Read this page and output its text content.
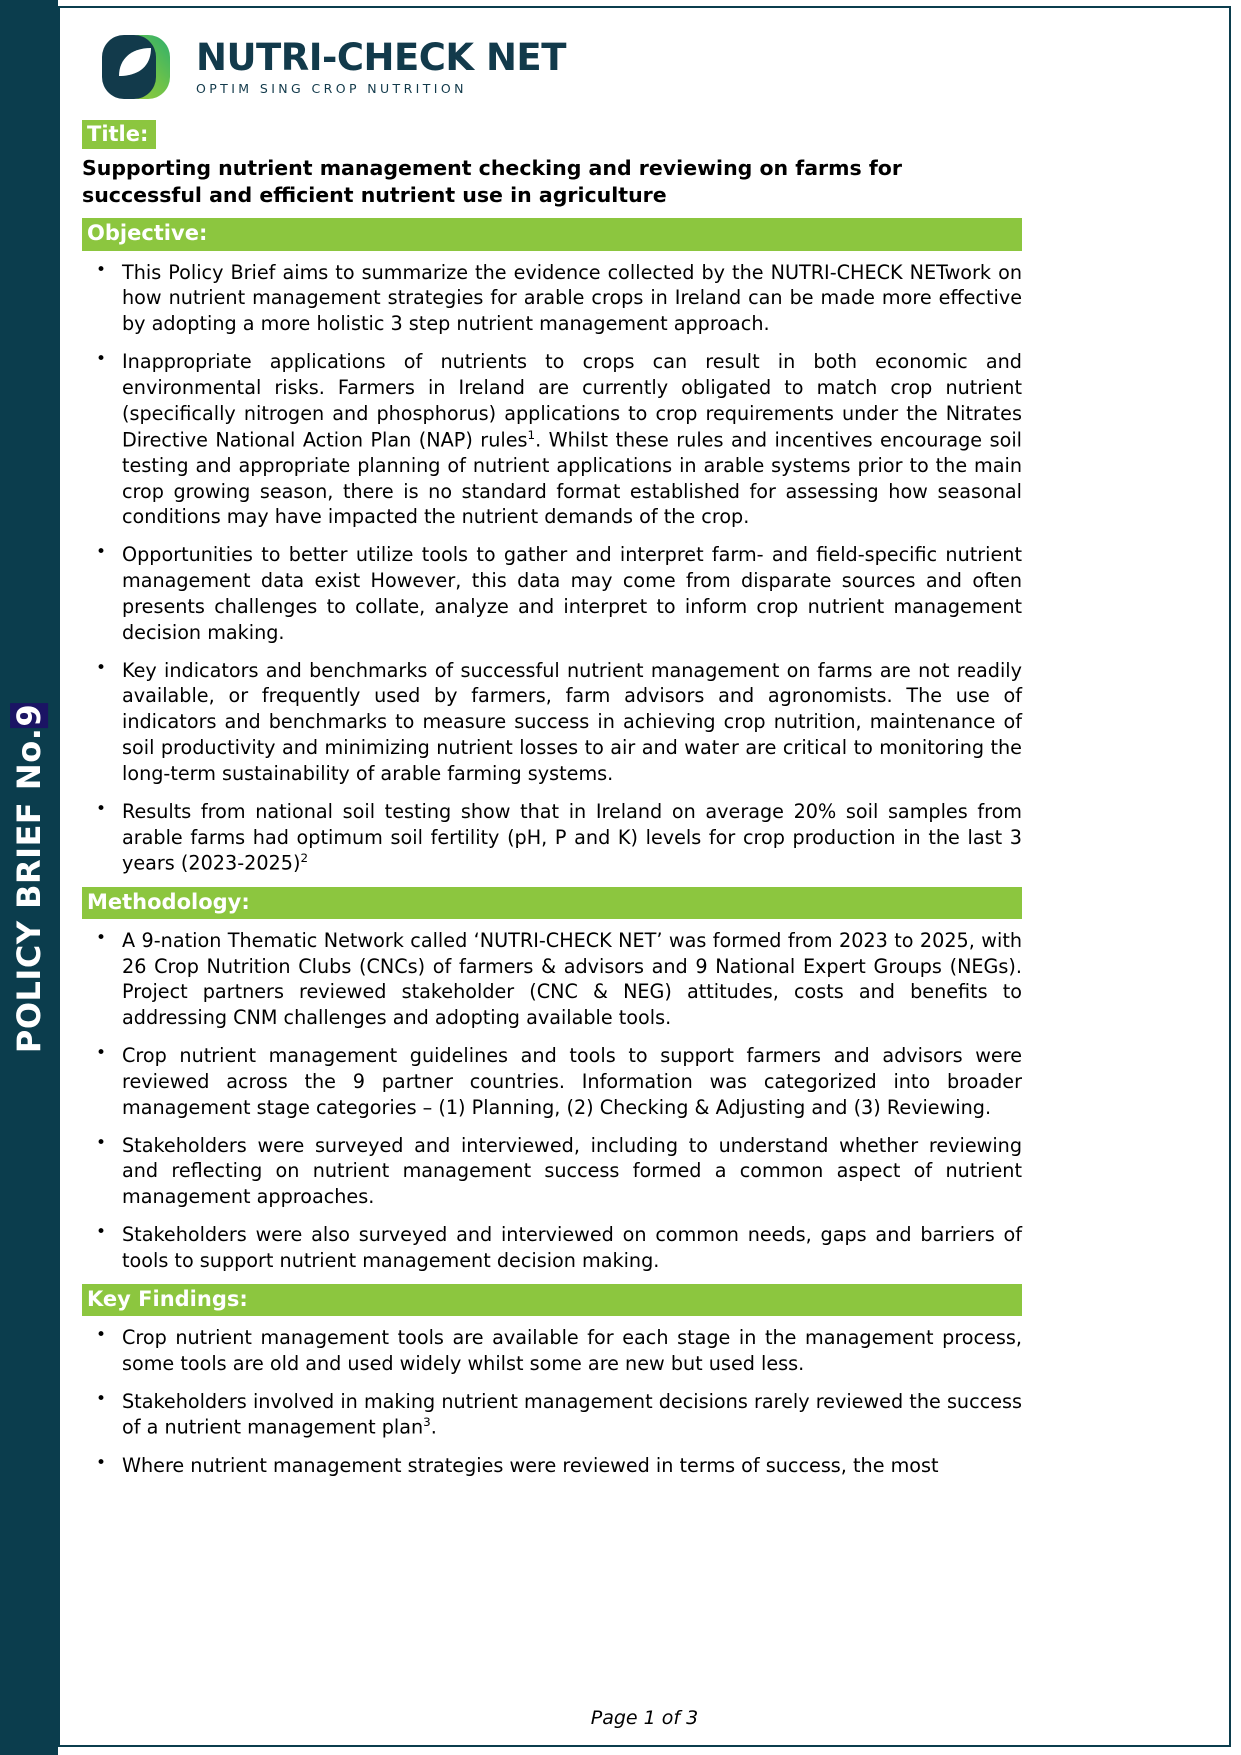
POLICY BRIEF No.9
NUTRI-CHECK NET
OPTIM SING CROP NUTRITION
Title:
Supporting nutrient management checking and reviewing on farms for successful and efficient nutrient use in agriculture
Objective:
• This Policy Brief aims to summarize the evidence collected by the NUTRI-CHECK NETwork on how nutrient management strategies for arable crops in Ireland can be made more effective by adopting a more holistic 3 step nutrient management approach.
• Inappropriate applications of nutrients to crops can result in both economic and environmental risks. Farmers in Ireland are currently obligated to match crop nutrient (specifically nitrogen and phosphorus) applications to crop requirements under the Nitrates Directive National Action Plan (NAP) rules$^1$. Whilst these rules and incentives encourage soil testing and appropriate planning of nutrient applications in arable systems prior to the main crop growing season, there is no standard format established for assessing how seasonal conditions may have impacted the nutrient demands of the crop.
• Opportunities to better utilize tools to gather and interpret farm- and field-specific nutrient management data exist However, this data may come from disparate sources and often presents challenges to collate, analyze and interpret to inform crop nutrient management decision making.
• Key indicators and benchmarks of successful nutrient management on farms are not readily available, or frequently used by farmers, farm advisors and agronomists. The use of indicators and benchmarks to measure success in achieving crop nutrition, maintenance of soil productivity and minimizing nutrient losses to air and water are critical to monitoring the long-term sustainability of arable farming systems.
• Results from national soil testing show that in Ireland on average 20% soil samples from arable farms had optimum soil fertility (pH, P and K) levels for crop production in the last 3 years (2023-2025)$^2$
Methodology:
• A 9-nation Thematic Network called ‘NUTRI-CHECK NET’ was formed from 2023 to 2025, with 26 Crop Nutrition Clubs (CNCs) of farmers & advisors and 9 National Expert Groups (NEGs). Project partners reviewed stakeholder (CNC & NEG) attitudes, costs and benefits to addressing CNM challenges and adopting available tools.
• Crop nutrient management guidelines and tools to support farmers and advisors were reviewed across the 9 partner countries. Information was categorized into broader management stage categories – (1) Planning, (2) Checking & Adjusting and (3) Reviewing.
• Stakeholders were surveyed and interviewed, including to understand whether reviewing and reflecting on nutrient management success formed a common aspect of nutrient management approaches.
• Stakeholders were also surveyed and interviewed on common needs, gaps and barriers of tools to support nutrient management decision making.
Key Findings:
• Crop nutrient management tools are available for each stage in the management process, some tools are old and used widely whilst some are new but used less.
• Stakeholders involved in making nutrient management decisions rarely reviewed the success of a nutrient management plan$^3$.
• Where nutrient management strategies were reviewed in terms of success, the most
Page 1 of 3
